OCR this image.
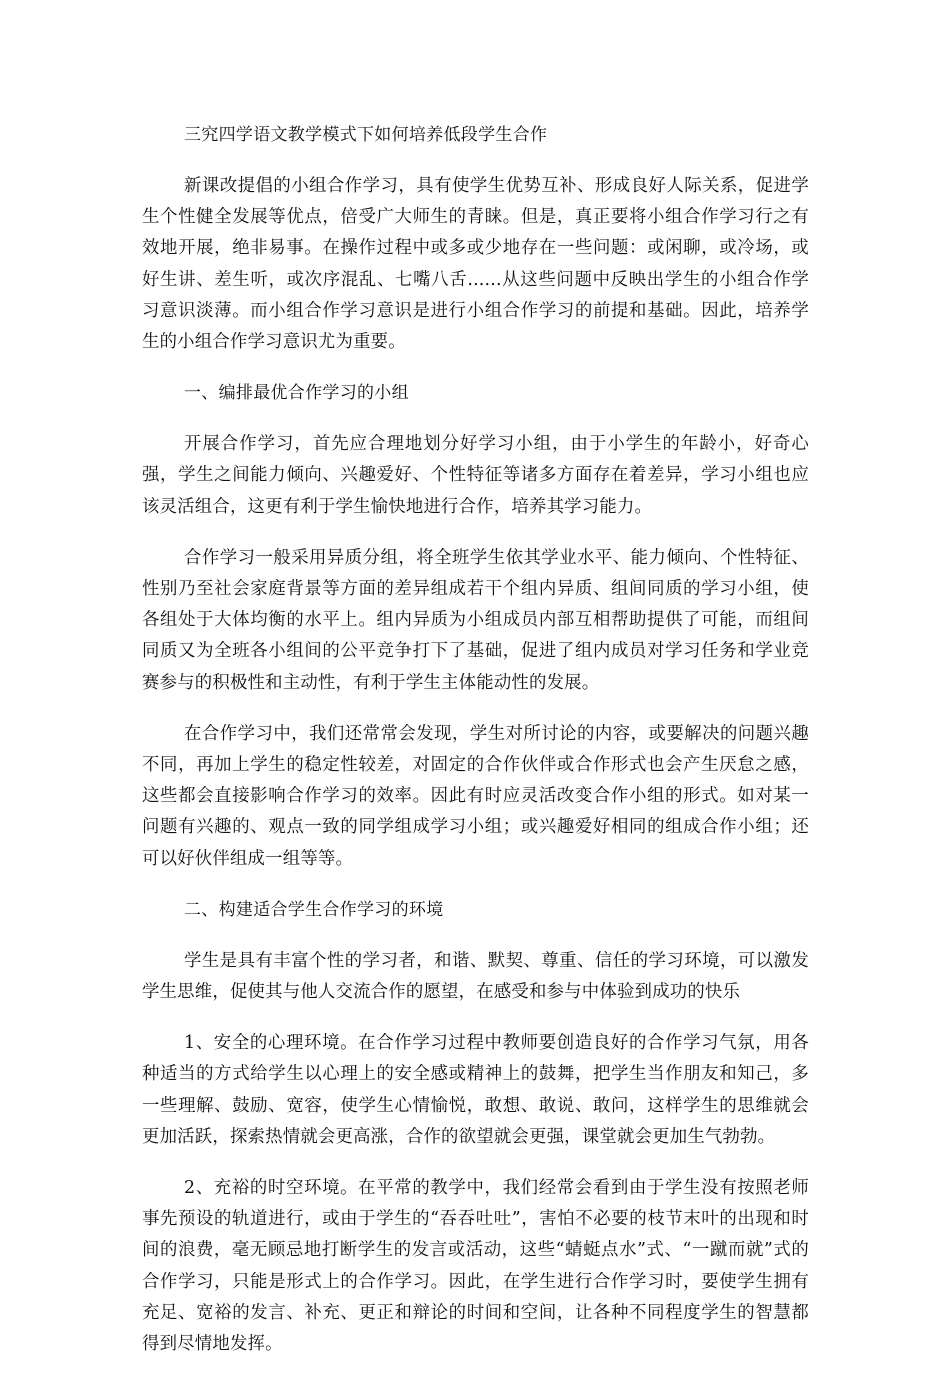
三究四学语文教学模式下如何培养低段学生合作

新课改提倡的小组合作学习，具有使学生优势互补、形成良好人际关系，促进学生个性健全发展等优点，倍受广大师生的青睐。但是，真正要将小组合作学习行之有效地开展，绝非易事。在操作过程中或多或少地存在一些问题：或闲聊，或冷场，或好生讲、差生听，或次序混乱、七嘴八舌......从这些问题中反映出学生的小组合作学习意识淡薄。而小组合作学习意识是进行小组合作学习的前提和基础。因此，培养学生的小组合作学习意识尤为重要。

一、编排最优合作学习的小组

开展合作学习，首先应合理地划分好学习小组，由于小学生的年龄小，好奇心强，学生之间能力倾向、兴趣爱好、个性特征等诸多方面存在着差异，学习小组也应该灵活组合，这更有利于学生愉快地进行合作，培养其学习能力。

合作学习一般采用异质分组，将全班学生依其学业水平、能力倾向、个性特征、性别乃至社会家庭背景等方面的差异组成若干个组内异质、组间同质的学习小组，使各组处于大体均衡的水平上。组内异质为小组成员内部互相帮助提供了可能，而组间同质又为全班各小组间的公平竞争打下了基础，促进了组内成员对学习任务和学业竞赛参与的积极性和主动性，有利于学生主体能动性的发展。

在合作学习中，我们还常常会发现，学生对所讨论的内容，或要解决的问题兴趣不同，再加上学生的稳定性较差，对固定的合作伙伴或合作形式也会产生厌怠之感，这些都会直接影响合作学习的效率。因此有时应灵活改变合作小组的形式。如对某一问题有兴趣的、观点一致的同学组成学习小组；或兴趣爱好相同的组成合作小组；还可以好伙伴组成一组等等。

二、构建适合学生合作学习的环境

学生是具有丰富个性的学习者，和谐、默契、尊重、信任的学习环境，可以激发学生思维，促使其与他人交流合作的愿望，在感受和参与中体验到成功的快乐

1、安全的心理环境。在合作学习过程中教师要创造良好的合作学习气氛，用各种适当的方式给学生以心理上的安全感或精神上的鼓舞，把学生当作朋友和知己，多一些理解、鼓励、宽容，使学生心情愉悦，敢想、敢说、敢问，这样学生的思维就会更加活跃，探索热情就会更高涨，合作的欲望就会更强，课堂就会更加生气勃勃。

2、充裕的时空环境。在平常的教学中，我们经常会看到由于学生没有按照老师事先预设的轨道进行，或由于学生的“吞吞吐吐”，害怕不必要的枝节末叶的出现和时间的浪费，毫无顾忌地打断学生的发言或活动，这些“蜻蜓点水”式、“一蹴而就”式的合作学习，只能是形式上的合作学习。因此，在学生进行合作学习时，要使学生拥有充足、宽裕的发言、补充、更正和辩论的时间和空间，让各种不同程度学生的智慧都得到尽情地发挥。
